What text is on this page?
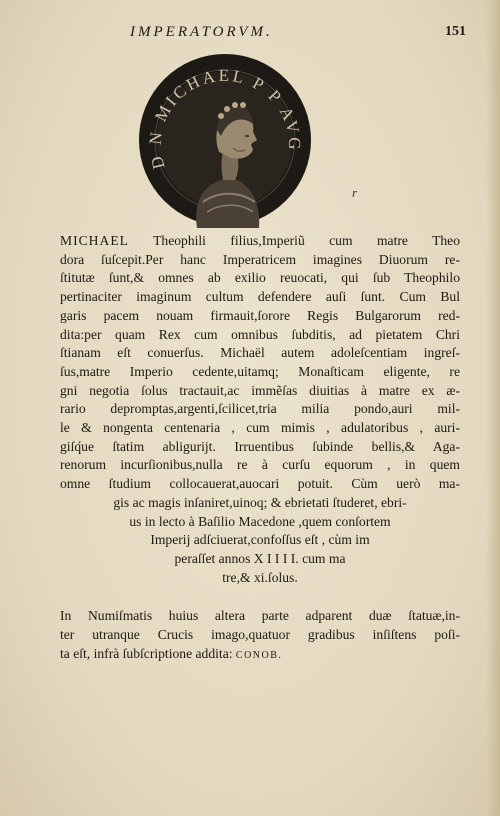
IMPERATORVM.	151
D N MICHAEL P P AVG
r
MICHAEL Theophili filius,Imperiũ cum matre Theo
dora ſuſcepit.Per hanc Imperatricem imagines Diuorum re-
ſtitutæ ſunt,& omnes ab exilio reuocati, qui ſub Theophilo
pertinaciter imaginum cultum defendere auſi ſunt. Cum Bul
garis pacem nouam firmauit,ſorore Regis Bulgarorum red-
dita:per quam Rex cum omnibus ſubditis, ad pietatem Chri
ſtianam eſt conuerſus. Michaël autem adoleſcentiam ingreſ-
ſus,matre Imperio cedente,uitamq; Monaſticam eligente, re
gni negotia ſolus tractauit,ac immẽſas diuitias à matre ex æ-
rario depromptas,argenti,ſcilicet,tria milia pondo,auri mil-
le & nongenta centenaria , cum mimis , adulatoribus , auri-
giſq́ue ſtatim abligurijt. Irruentibus ſubinde bellis,& Aga-
renorum incurſionibus,nulla re à curſu equorum , in quem
omne ſtudium collocauerat,auocari potuit. Cùm uerò ma-
gis ac magis inſaniret,uinoq; & ebrietati ſtuderet, ebri-
us in lecto à Baſilio Macedone ,quem conſortem
Imperij adſciuerat,confoſſus eſt , cùm im
peraſſet annos X I I I I. cum ma
tre,& xi.ſolus.
In Numiſmatis huius altera parte adparent duæ ſtatuæ,in-
ter utranque Crucis imago,quatuor gradibus inſiſtens poſi-
ta eſt, infrà ſubſcriptione addita: CONOB.
